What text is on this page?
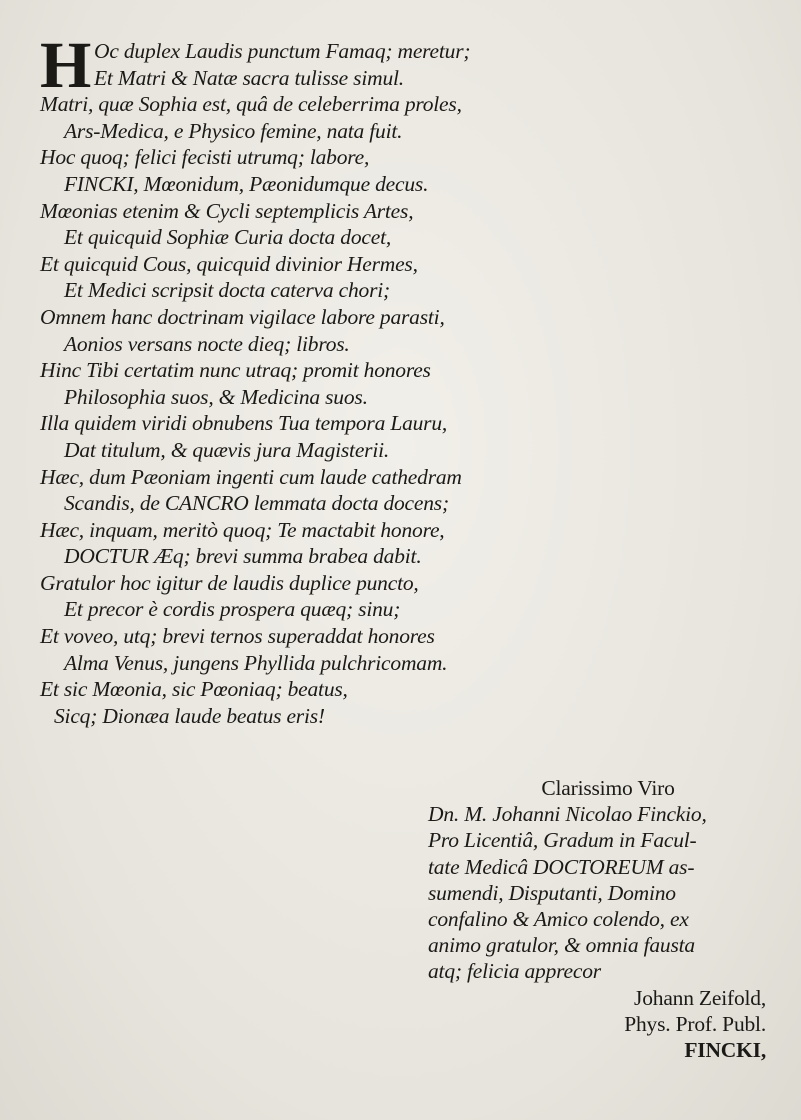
H Oc duplex Laudis punctum Famaq; meretur;
Et Matri & Natæ sacra tulisse simul.
Matri, quæ Sophia est, quâ de celeberrima proles,
Ars-Medica, e Physico femine, nata fuit.
Hoc quoq; felici fecisti utrumq; labore,
FINCKI, Mœonidum, Pæonidumque decus.
Mœonias etenim & Cycli septemplicis Artes,
Et quicquid Sophiæ Curia docta docet,
Et quicquid Cous, quicquid divinior Hermes,
Et Medici scripsit docta caterva chori;
Omnem hanc doctrinam vigilace labore parasti,
Aonios versans nocte dieq; libros.
Hinc Tibi certatim nunc utraq; promit honores
Philosophia suos, & Medicina suos.
Illa quidem viridi obnubens Tua tempora Lauru,
Dat titulum, & quævis jura Magisterii.
Hæc, dum Pæoniam ingenti cum laude cathedram
Scandis, de CANCRO lemmata docta docens;
Hæc, inquam, meritò quoq; Te mactabit honore,
DOCTUR Æq; brevi summa brabea dabit.
Gratulor hoc igitur de laudis duplice puncto,
Et precor è cordis prospera quæq; sinu;
Et voveo, utq; brevi ternos superaddat honores
Alma Venus, jungens Phyllida pulchricomam.
Et sic Mœonia, sic Pœoniaq; beatus,
Sicq; Dionæa laude beatus eris!
Clarissimo Viro
Dn. M. Johanni Nicolao Finckio,
Pro Licentiâ, Gradum in Facul-
tate Medicâ DOCTOREUM as-
sumendi, Disputanti, Domino
confalino & Amico colendo, ex
animo gratulor, & omnia fausta
atq; felicia apprecor
Johann Zeifold,
Phys. Prof. Publ.
FINCKI,
